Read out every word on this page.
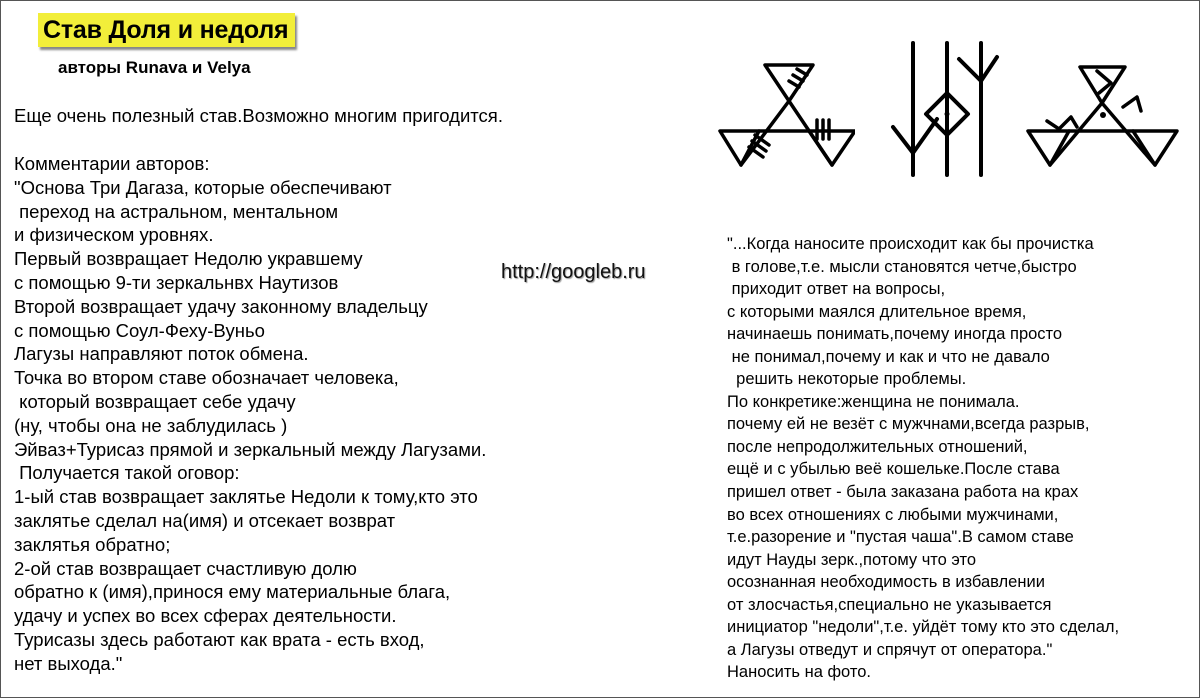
Став Доля и недоля
авторы Runava и Velya
Еще очень полезный став.Возможно многим пригодится.
Комментарии авторов:
"Основа Три Дагаза, которые обеспечивают
переход на астральном, ментальном
и физическом уровнях.
Первый возвращает Недолю укравшему
с помощью 9-ти зеркальнвх Наутизов
Второй возвращает удачу законному владельцу
с помощью Соул-Феху-Вуньо
Лагузы направляют поток обмена.
Точка во втором ставе обозначает человека,
который возвращает себе удачу
(ну, чтобы она не заблудилась )
Эйваз+Турисаз прямой и зеркальный между Лагузами.
Получается такой оговор:
1-ый став возвращает заклятье Недоли к тому,кто это
заклятье сделал на(имя) и отсекает возврат
заклятья обратно;
2-ой став возвращает счастливую долю
обратно к (имя),принося ему материальные блага,
удачу и успех во всех сферах деятельности.
Турисазы здесь работают как врата - есть вход,
нет выхода."
http://googleb.ru
"...Когда наносите происходит как бы прочистка
в голове,т.е. мысли становятся четче,быстро
приходит ответ на вопросы,
с которыми маялся длительное время,
начинаешь понимать,почему иногда просто
не понимал,почему и как и что не давало
решить некоторые проблемы.
По конкретике:женщина не понимала.
почему ей не везёт с мужчнами,всегда разрыв,
после непродолжительных отношений,
ещё и с убылью веё кошельке.После става
пришел ответ - была заказана работа на крах
во всех отношениях с любыми мужчинами,
т.е.разорение и "пустая чаша".В самом ставе
идут Науды зерк.,потому что это
осознанная необходимость в избавлении
от злосчастья,специально не указывается
инициатор "недоли",т.е. уйдёт тому кто это сделал,
а Лагузы отведут и спрячут от оператора."
Наносить на фото.
